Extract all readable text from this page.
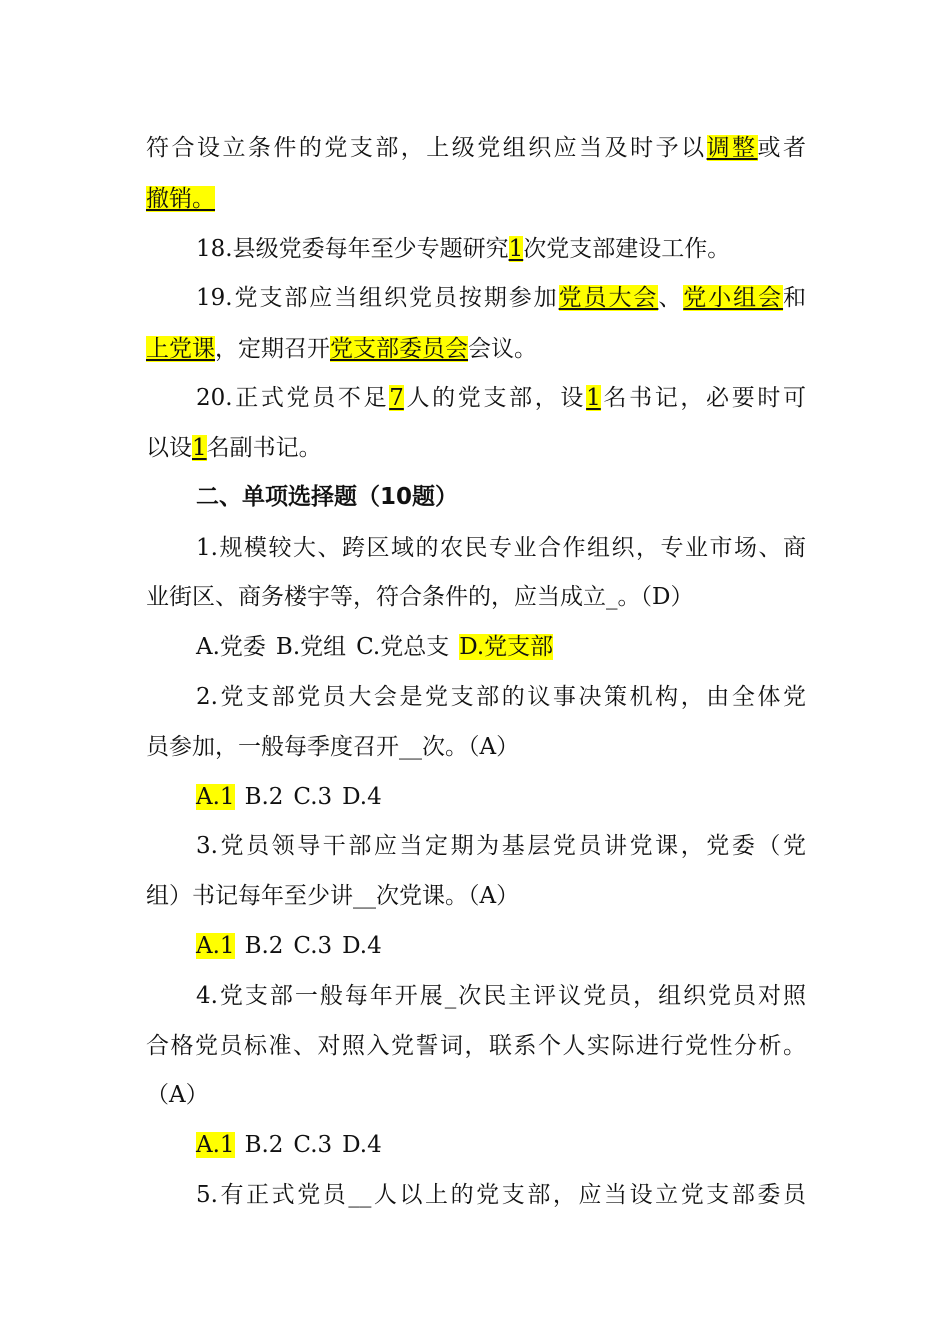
符合设立条件的党支部，上级党组织应当及时予以调整或者
撤销。
18.县级党委每年至少专题研究1次党支部建设工作。
19.党支部应当组织党员按期参加党员大会、党小组会和
上党课，定期召开党支部委员会会议。
20.正式党员不足7人的党支部，设1名书记，必要时可
以设1名副书记。
二、单项选择题（10题）
1.规模较大、跨区域的农民专业合作组织，专业市场、商
业街区、商务楼宇等，符合条件的，应当成立_。（D）
A.党委 B.党组 C.党总支 D.党支部
2.党支部党员大会是党支部的议事决策机构，由全体党
员参加，一般每季度召开__次。（A）
A.1 B.2 C.3 D.4
3.党员领导干部应当定期为基层党员讲党课，党委（党
组）书记每年至少讲__次党课。（A）
A.1 B.2 C.3 D.4
4.党支部一般每年开展_次民主评议党员，组织党员对照
合格党员标准、对照入党誓词，联系个人实际进行党性分析。
（A）
A.1 B.2 C.3 D.4
5.有正式党员__人以上的党支部，应当设立党支部委员
